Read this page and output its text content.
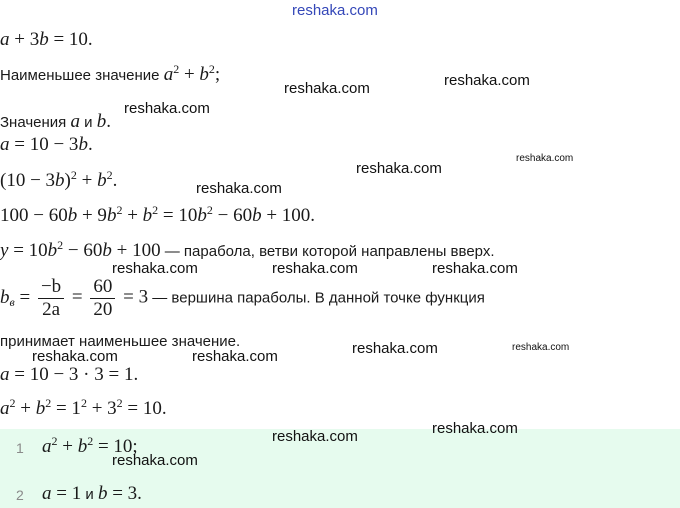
reshaka.com
a + 3b = 10.
Наименьшее значение $a^2 + b^2$;
Значения a и b.
a = 10 − 3b.
$(10 - 3b)^2 + b^2$.
$100 - 60b + 9b^2 + b^2 = 10b^2 - 60b + 100$.
$y = 10b^2 - 60b + 100$ — парабола, ветви которой направлены вверх.
$b_в = \frac{-b}{2a} = \frac{60}{20} = 3$ — вершина параболы. В данной точке функция
принимает наименьшее значение.
a = 10 − 3 · 3 = 1.
$a^2 + b^2 = 1^2 + 3^2 = 10$.
1 $a^2 + b^2 = 10$;
2 a = 1 и b = 3.
reshaka.com
reshaka.com
reshaka.com
reshaka.com
reshaka.com
reshaka.com
reshaka.com	reshaka.com	reshaka.com
reshaka.com
reshaka.com
reshaka.com	reshaka.com
reshaka.com
reshaka.com
reshaka.com
